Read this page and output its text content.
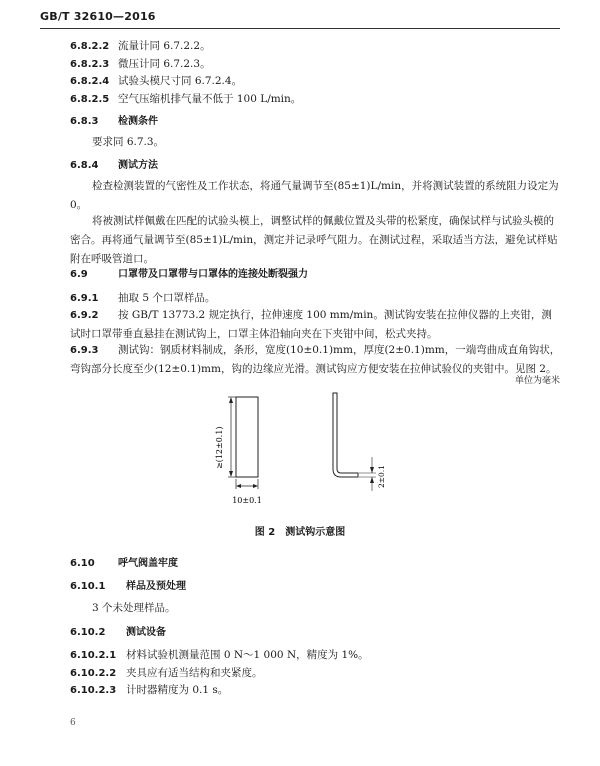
GB/T 32610—2016
6.8.2.2 流量计同 6.7.2.2。
6.8.2.3 微压计同 6.7.2.3。
6.8.2.4 试验头模尺寸同 6.7.2.4。
6.8.2.5 空气压缩机排气量不低于 100 L/min。
6.8.3 检测条件
要求同 6.7.3。
6.8.4 测试方法
检查检测装置的气密性及工作状态，将通气量调节至(85±1)L/min，并将测试装置的系统阻力设定为 0。
将被测试样佩戴在匹配的试验头模上，调整试样的佩戴位置及头带的松紧度，确保试样与试验头模的密合。再将通气量调节至(85±1)L/min，测定并记录呼气阻力。在测试过程，采取适当方法，避免试样贴附在呼吸管道口。
6.9	口罩带及口罩带与口罩体的连接处断裂强力
6.9.1 抽取 5 个口罩样品。
6.9.2 按 GB/T 13773.2 规定执行，拉伸速度 100 mm/min。测试钩安装在拉伸仪器的上夹钳，测试时口罩带垂直悬挂在测试钩上，口罩主体沿轴向夹在下夹钳中间，松式夹持。
6.9.3 测试钩：钢质材料制成，条形，宽度(10±0.1)mm，厚度(2±0.1)mm，一端弯曲成直角钩状，弯钩部分长度至少(12±0.1)mm，钩的边缘应光滑。测试钩应方便安装在拉伸试验仪的夹钳中。见图 2。
单位为毫米
≥(12±0.1)
10±0.1
2±0.1
图 2　测试钩示意图
6.10 呼气阀盖牢度
6.10.1 样品及预处理
3 个未处理样品。
6.10.2 测试设备
6.10.2.1 材料试验机测量范围 0 N～1 000 N，精度为 1%。
6.10.2.2 夹具应有适当结构和夹紧度。
6.10.2.3 计时器精度为 0.1 s。
6
